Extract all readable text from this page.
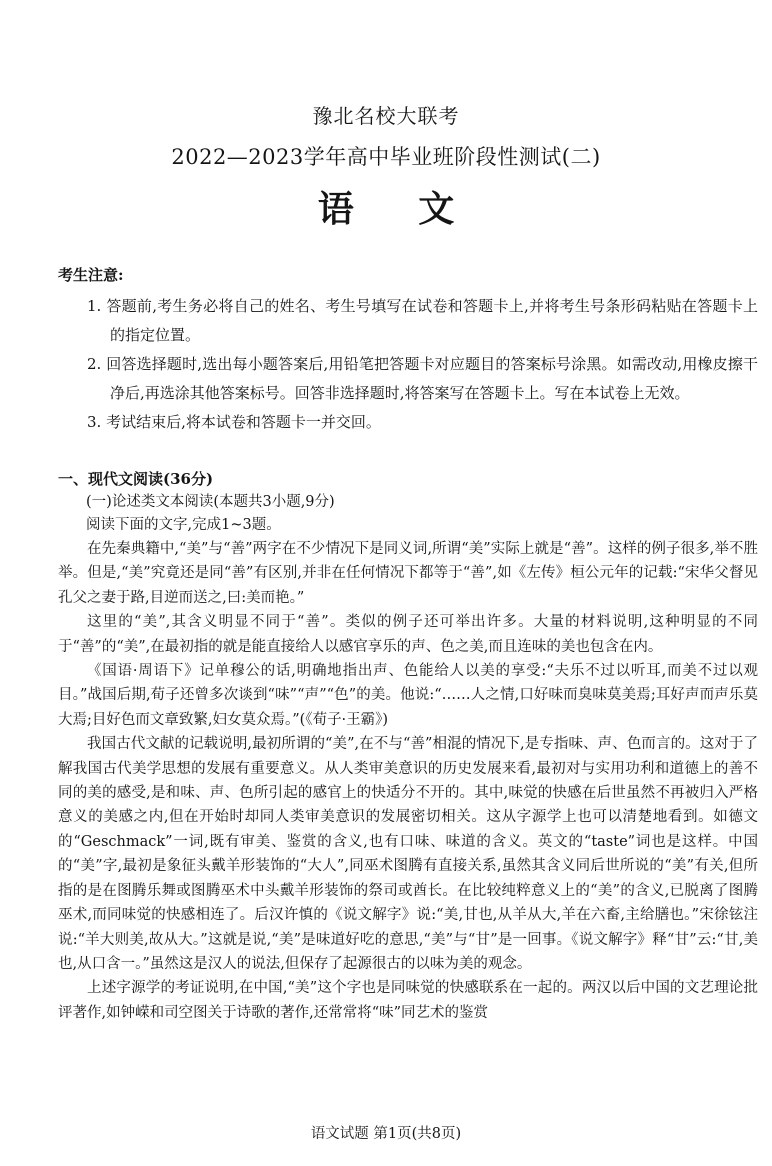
豫北名校大联考
2022—2023学年高中毕业班阶段性测试(二)
语 文
考生注意:
1. 答题前,考生务必将自己的姓名、考生号填写在试卷和答题卡上,并将考生号条形码粘贴在答题卡上的指定位置。
2. 回答选择题时,选出每小题答案后,用铅笔把答题卡对应题目的答案标号涂黑。如需改动,用橡皮擦干净后,再选涂其他答案标号。回答非选择题时,将答案写在答题卡上。写在本试卷上无效。
3. 考试结束后,将本试卷和答题卡一并交回。
一、现代文阅读(36分)
(一)论述类文本阅读(本题共3小题,9分)
阅读下面的文字,完成1~3题。

在先秦典籍中,“美”与“善”两字在不少情况下是同义词,所谓“美”实际上就是“善”。这样的例子很多,举不胜举。但是,“美”究竟还是同“善”有区别,并非在任何情况下都等于“善”,如《左传》桓公元年的记载:“宋华父督见孔父之妻于路,目逆而送之,曰:美而艳。”

这里的“美”,其含义明显不同于“善”。类似的例子还可举出许多。大量的材料说明,这种明显的不同于“善”的“美”,在最初指的就是能直接给人以感官享乐的声、色之美,而且连味的美也包含在内。

《国语·周语下》记单穆公的话,明确地指出声、色能给人以美的享受:“夫乐不过以听耳,而美不过以观目。”战国后期,荀子还曾多次谈到“味”“声”“色”的美。他说:“……人之情,口好味而臭味莫美焉;耳好声而声乐莫大焉;目好色而文章致繁,妇女莫众焉。”(《荀子·王霸》)

我国古代文献的记载说明,最初所谓的“美”,在不与“善”相混的情况下,是专指味、声、色而言的。这对于了解我国古代美学思想的发展有重要意义。从人类审美意识的历史发展来看,最初对与实用功利和道德上的善不同的美的感受,是和味、声、色所引起的感官上的快适分不开的。其中,味觉的快感在后世虽然不再被归入严格意义的美感之内,但在开始时却同人类审美意识的发展密切相关。这从字源学上也可以清楚地看到。如德文的“Geschmack”一词,既有审美、鉴赏的含义,也有口味、味道的含义。英文的“taste”词也是这样。中国的“美”字,最初是象征头戴羊形装饰的“大人”,同巫术图腾有直接关系,虽然其含义同后世所说的“美”有关,但所指的是在图腾乐舞或图腾巫术中头戴羊形装饰的祭司或酋长。在比较纯粹意义上的“美”的含义,已脱离了图腾巫术,而同味觉的快感相连了。后汉许慎的《说文解字》说:“美,甘也,从羊从大,羊在六畜,主给膳也。”宋徐铉注说:“羊大则美,故从大。”这就是说,“美”是味道好吃的意思,“美”与“甘”是一回事。《说文解字》释“甘”云:“甘,美也,从口含一。”虽然这是汉人的说法,但保存了起源很古的以味为美的观念。

上述字源学的考证说明,在中国,“美”这个字也是同味觉的快感联系在一起的。两汉以后中国的文艺理论批评著作,如钟嵘和司空图关于诗歌的著作,还常常将“味”同艺术的鉴赏

语文试题 第1页(共8页)
